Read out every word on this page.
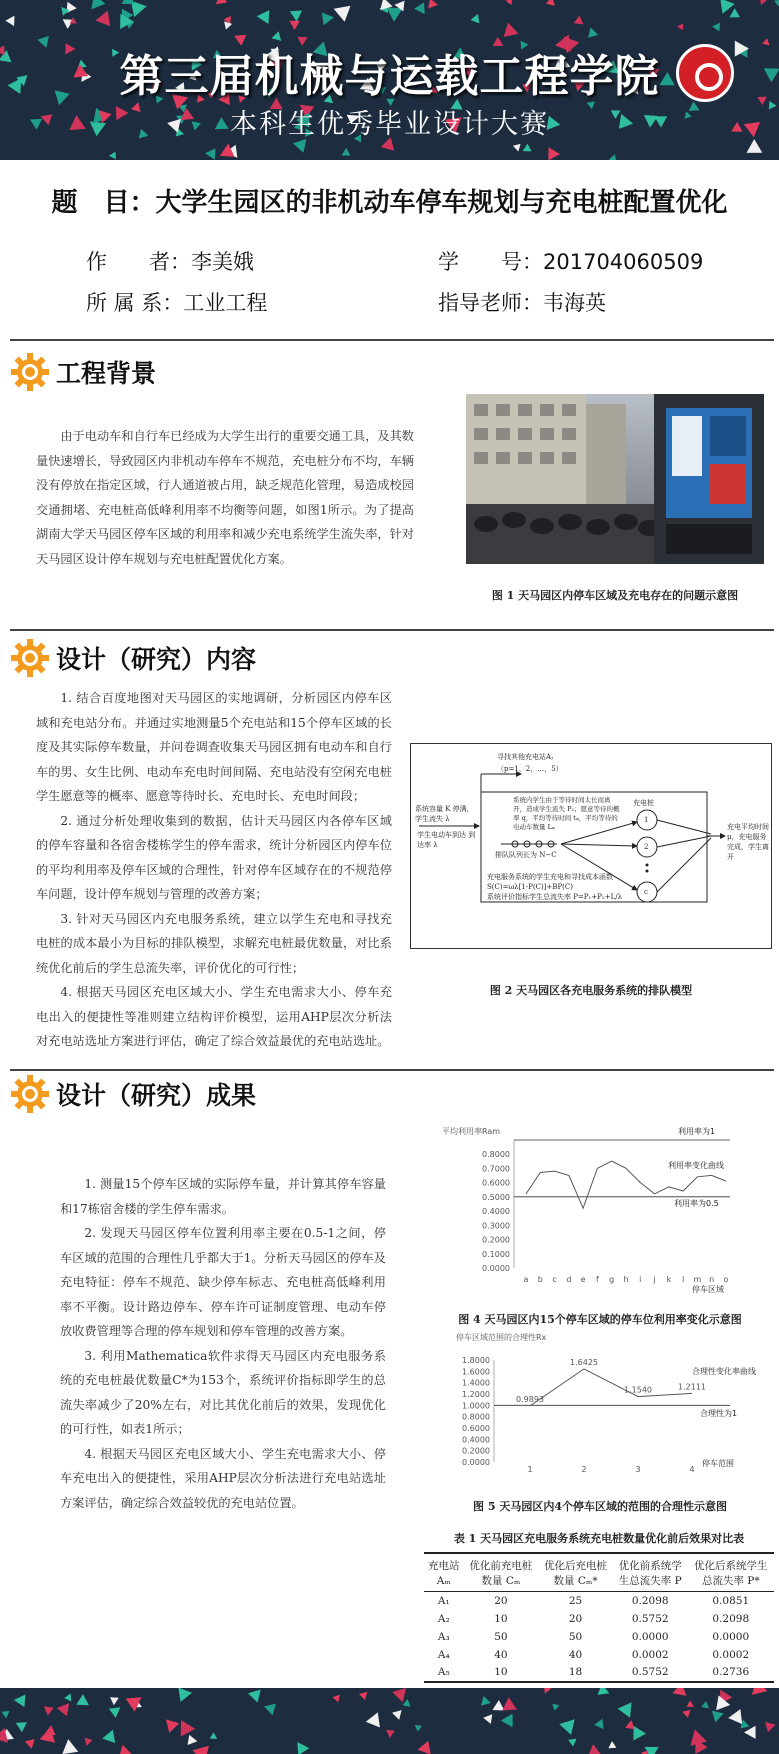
第三届机械与运载工程学院
本科生优秀毕业设计大赛
题　目：大学生园区的非机动车停车规划与充电桩配置优化
作　　者：李美娥	学　　号：201704060509
所 属 系：工业工程	指导老师：韦海英
工程背景

由于电动车和自行车已经成为大学生出行的重要交通工具，及其数量快速增长，导致园区内非机动车停车不规范，充电桩分布不均，车辆没有停放在指定区域，行人通道被占用，缺乏规范化管理，易造成校园交通拥堵、充电桩高低峰利用率不均衡等问题，如图1所示。为了提高湖南大学天马园区停车区域的利用率和减少充电系统学生流失率，针对天马园区设计停车规划与充电桩配置优化方案。

图 1 天马园区内停车区域及充电存在的问题示意图
设计（研究）内容

1. 结合百度地图对天马园区的实地调研，分析园区内停车区域和充电站分布。并通过实地测量5个充电站和15个停车区域的长度及其实际停车数量，并问卷调查收集天马园区拥有电动车和自行车的男、女生比例、电动车充电时间间隔、充电站没有空闲充电桩学生愿意等的概率、愿意等待时长、充电时长、充电时间段；

2. 通过分析处理收集到的数据，估计天马园区内各停车区域的停车容量和各宿舍楼栋学生的停车需求，统计分析园区内停车位的平均利用率及停车区域的合理性，针对停车区域存在的不规范停车问题，设计停车规划与管理的改善方案；

3. 针对天马园区内充电服务系统，建立以学生充电和寻找充电桩的成本最小为目标的排队模型，求解充电桩最优数量，对比系统优化前后的学生总流失率，评价优化的可行性；

4. 根据天马园区充电区域大小、学生充电需求大小、停车充电出入的便捷性等准则建立结构评价模型，运用AHP层次分析法对充电站选址方案进行评估，确定了综合效益最优的充电站选址。

寻找其他充电站Aⱼ
（p=1，2，…，5）
系统容量 K 停满，学生流失 λ
学生电动车到达 到达率 λ
系统内学生由于等待时间太长而离开，造成学生流失 P₂；愿意等待的概率 q，平均等待时间 tᵩ，平均等待的电动车数量 Lᵩ
排队队列长为 N−C
充电桩
1
2
c
充电平均时间 μ，充电服务完成，学生离开
充电服务系统的学生充电和寻找成本函数 S(C)=ωλ[1-P(C)]+BP(C)
系统评价指标学生总流失率 P=P₁+P₂+L/λ
图 2 天马园区各充电服务系统的排队模型
设计（研究）成果

1. 测量15个停车区域的实际停车量，并计算其停车容量和17栋宿舍楼的学生停车需求。

2. 发现天马园区停车位置利用率主要在0.5-1之间，停车区域的范围的合理性几乎都大于1。分析天马园区的停车及充电特征：停车不规范、缺少停车标志、充电桩高低峰利用率不平衡。设计路边停车、停车许可证制度管理、电动车停放收费管理等合理的停车规划和停车管理的改善方案。

3. 利用Mathematica软件求得天马园区内充电服务系统的充电桩最优数量C*为153个，系统评价指标即学生的总流失率减少了20%左右，对比其优化前后的效果，发现优化的可行性，如表1所示；

4. 根据天马园区充电区域大小、学生充电需求大小、停车充电出入的便捷性，采用AHP层次分析法进行充电站选址方案评估，确定综合效益较优的充电站位置。

平均利用率Ram
0.0000
0.1000
0.2000
0.3000
0.4000
0.5000
0.6000
0.7000
0.8000
a b c d e f g h i j k l m n o
利用率为1
利用率变化曲线
利用率为0.5
停车区域
图 4 天马园区内15个停车区域的停车位利用率变化示意图
停车区域范围的合理性Rx
0.0000
0.2000
0.4000
0.6000
0.8000
1.0000
1.2000
1.4000
1.6000
1.8000
1	2	3	4
0.9893
1.6425
1.1540	1.2111
合理性变化率曲线
合理性为1
停车范围
图 5 天马园区内4个停车区域的范围的合理性示意图
表 1 天马园区充电服务系统充电桩数量优化前后效果对比表
充电站	优化前充电桩	优化后充电桩	优化前系统学	优化后系统学生
Aₘ	数量 Cₘ	数量 Cₘ*	生总流失率 P	总流失率 P*
A₁	20	25	0.2098	0.0851
A₂	10	20	0.5752	0.2098
A₃	50	50	0.0000	0.0000
A₄	40	40	0.0002	0.0002
A₅	10	18	0.5752	0.2736
